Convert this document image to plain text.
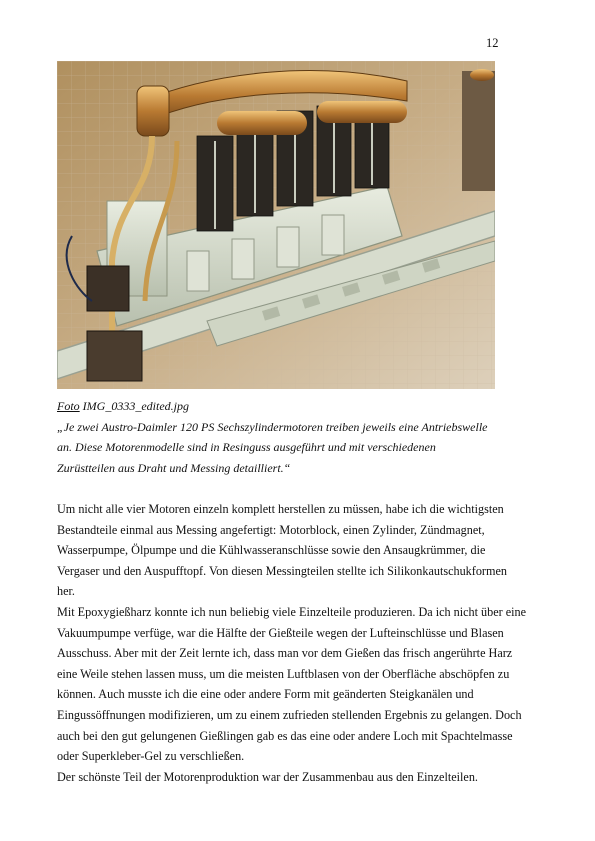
12
Foto IMG_0333_edited.jpg
„Je zwei Austro-Daimler 120 PS Sechszylindermotoren treiben jeweils eine Antriebswelle
an. Diese Motorenmodelle sind in Resinguss ausgeführt und mit verschiedenen
Zurüstteilen aus Draht und Messing detailliert.“

Um nicht alle vier Motoren einzeln komplett herstellen zu müssen, habe ich die wichtigsten Bestandteile einmal aus Messing angefertigt: Motorblock, einen Zylinder, Zündmagnet, Wasserpumpe, Ölpumpe und die Kühlwasseranschlüsse sowie den Ansaugkrümmer, die Vergaser und den Auspufftopf. Von diesen Messingteilen stellte ich Silikonkautschukformen her.

Mit Epoxygießharz konnte ich nun beliebig viele Einzelteile produzieren. Da ich nicht über eine Vakuumpumpe verfüge, war die Hälfte der Gießteile wegen der Lufteinschlüsse und Blasen Ausschuss. Aber mit der Zeit lernte ich, dass man vor dem Gießen das frisch angerührte Harz eine Weile stehen lassen muss, um die meisten Luftblasen von der Oberfläche abschöpfen zu können. Auch musste ich die eine oder andere Form mit geänderten Steigkanälen und Eingussöffnungen modifizieren, um zu einem zufrieden stellenden Ergebnis zu gelangen. Doch auch bei den gut gelungenen Gießlingen gab es das eine oder andere Loch mit Spachtelmasse oder Superkleber-Gel zu verschließen.

Der schönste Teil der Motorenproduktion war der Zusammenbau aus den Einzelteilen.
